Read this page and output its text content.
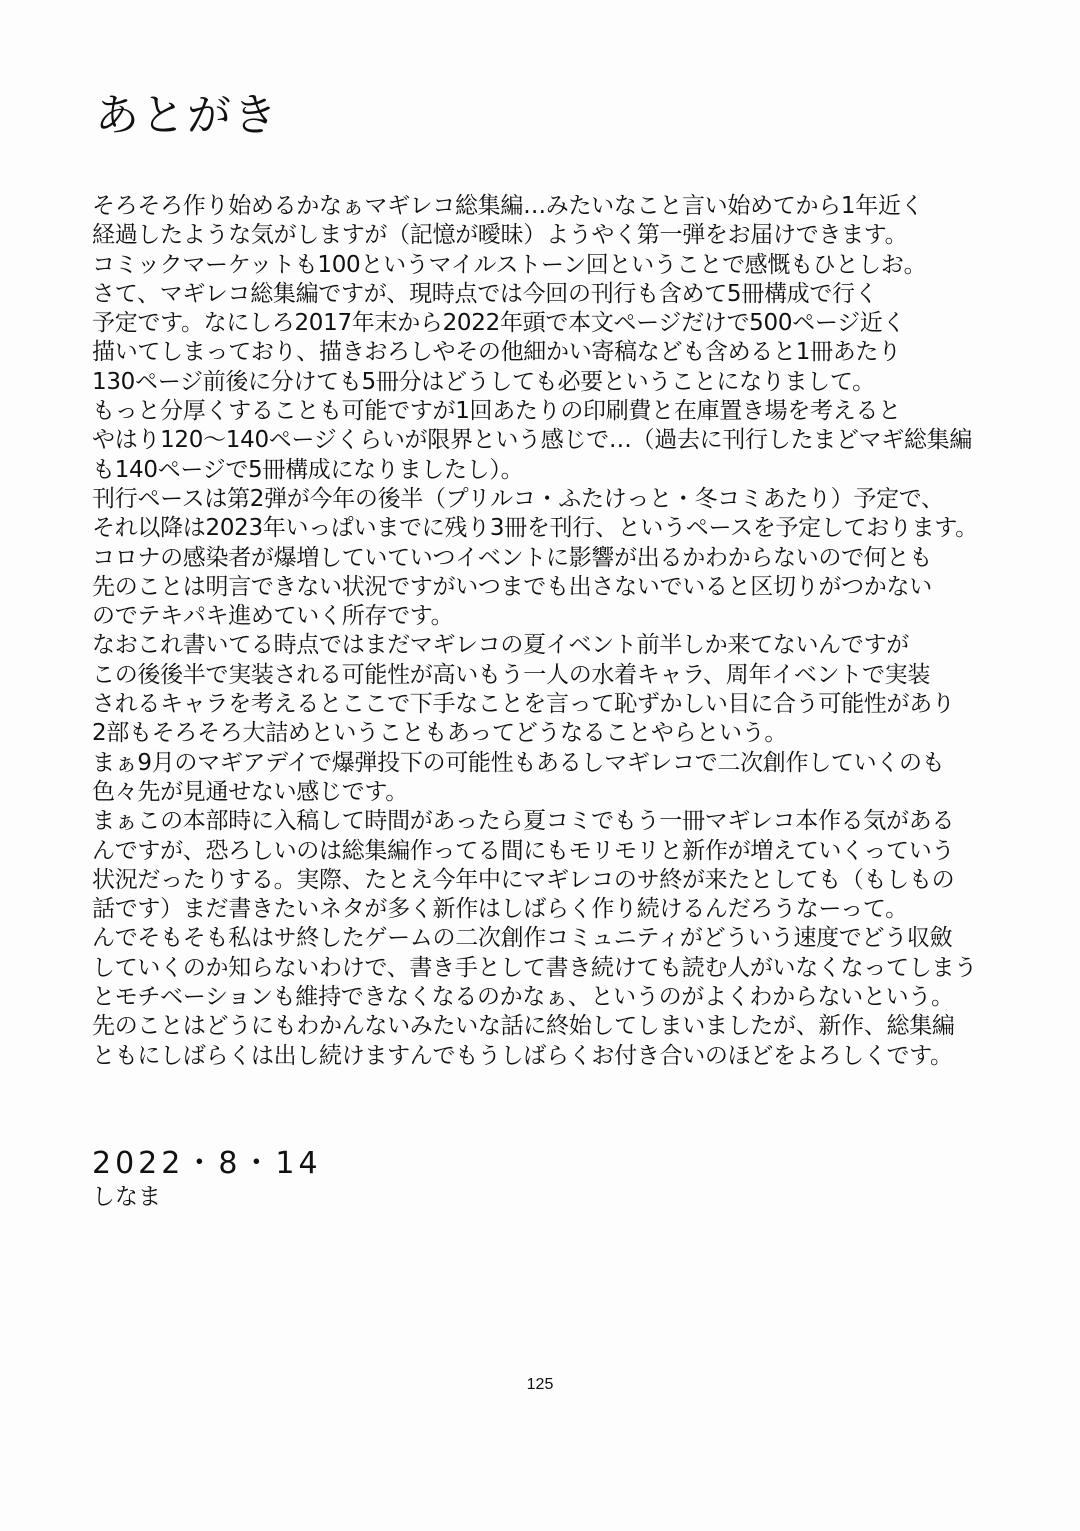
あとがき
そろそろ作り始めるかなぁマギレコ総集編…みたいなこと言い始めてから1年近く
経過したような気がしますが（記憶が曖昧）ようやく第一弾をお届けできます。
コミックマーケットも100というマイルストーン回ということで感慨もひとしお。
さて、マギレコ総集編ですが、現時点では今回の刊行も含めて5冊構成で行く
予定です。なにしろ2017年末から2022年頭で本文ページだけで500ページ近く
描いてしまっており、描きおろしやその他細かい寄稿なども含めると1冊あたり
130ページ前後に分けても5冊分はどうしても必要ということになりまして。
もっと分厚くすることも可能ですが1回あたりの印刷費と在庫置き場を考えると
やはり120〜140ページくらいが限界という感じで…（過去に刊行したまどマギ総集編
も140ページで5冊構成になりましたし）。
刊行ペースは第2弾が今年の後半（プリルコ・ふたけっと・冬コミあたり）予定で、
それ以降は2023年いっぱいまでに残り3冊を刊行、というペースを予定しております。
コロナの感染者が爆増していていつイベントに影響が出るかわからないので何とも
先のことは明言できない状況ですがいつまでも出さないでいると区切りがつかない
のでテキパキ進めていく所存です。
なおこれ書いてる時点ではまだマギレコの夏イベント前半しか来てないんですが
この後後半で実装される可能性が高いもう一人の水着キャラ、周年イベントで実装
されるキャラを考えるとここで下手なことを言って恥ずかしい目に合う可能性があり
2部もそろそろ大詰めということもあってどうなることやらという。
まぁ9月のマギアデイで爆弾投下の可能性もあるしマギレコで二次創作していくのも
色々先が見通せない感じです。
まぁこの本部時に入稿して時間があったら夏コミでもう一冊マギレコ本作る気がある
んですが、恐ろしいのは総集編作ってる間にもモリモリと新作が増えていくっていう
状況だったりする。実際、たとえ今年中にマギレコのサ終が来たとしても（もしもの
話です）まだ書きたいネタが多く新作はしばらく作り続けるんだろうなーって。
んでそもそも私はサ終したゲームの二次創作コミュニティがどういう速度でどう収斂
していくのか知らないわけで、書き手として書き続けても読む人がいなくなってしまう
とモチベーションも維持できなくなるのかなぁ、というのがよくわからないという。
先のことはどうにもわかんないみたいな話に終始してしまいましたが、新作、総集編
ともにしばらくは出し続けますんでもうしばらくお付き合いのほどをよろしくです。
2022・8・14
しなま
125
